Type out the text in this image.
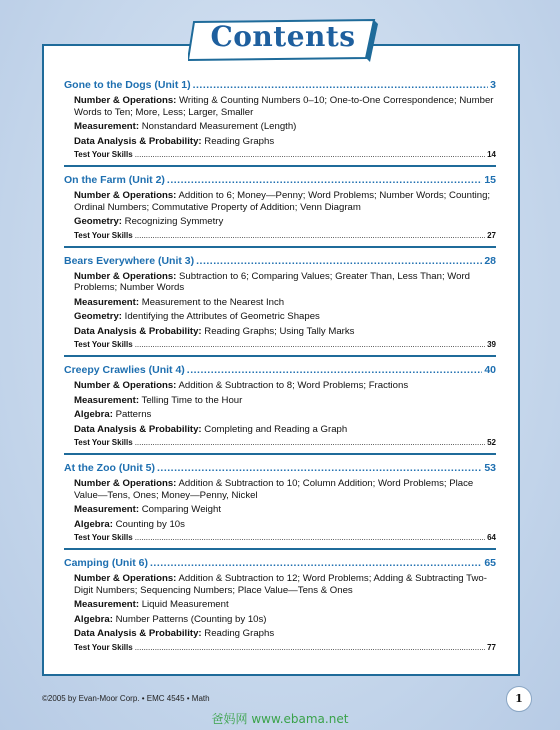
Contents
Gone to the Dogs (Unit 1) .....	3
Number & Operations: Writing & Counting Numbers 0–10; One-to-One Correspondence; Number Words to Ten; More, Less; Larger, Smaller
Measurement: Nonstandard Measurement (Length)
Data Analysis & Probability: Reading Graphs
Test Your Skills .....	14
On the Farm (Unit 2) .....	15
Number & Operations: Addition to 6; Money—Penny; Word Problems; Number Words; Counting; Ordinal Numbers; Commutative Property of Addition; Venn Diagram
Geometry: Recognizing Symmetry
Test Your Skills .....	27
Bears Everywhere (Unit 3) .....	28
Number & Operations: Subtraction to 6; Comparing Values; Greater Than, Less Than; Word Problems; Number Words
Measurement: Measurement to the Nearest Inch
Geometry: Identifying the Attributes of Geometric Shapes
Data Analysis & Probability: Reading Graphs; Using Tally Marks
Test Your Skills .....	39
Creepy Crawlies (Unit 4) .....	40
Number & Operations: Addition & Subtraction to 8; Word Problems; Fractions
Measurement: Telling Time to the Hour
Algebra: Patterns
Data Analysis & Probability: Completing and Reading a Graph
Test Your Skills .....	52
At the Zoo (Unit 5) .....	53
Number & Operations: Addition & Subtraction to 10; Column Addition; Word Problems; Place Value—Tens, Ones; Money—Penny, Nickel
Measurement: Comparing Weight
Algebra: Counting by 10s
Test Your Skills .....	64
Camping (Unit 6) .....	65
Number & Operations: Addition & Subtraction to 12; Word Problems; Adding & Subtracting Two-Digit Numbers; Sequencing Numbers; Place Value—Tens & Ones
Measurement: Liquid Measurement
Algebra: Number Patterns (Counting by 10s)
Data Analysis & Probability: Reading Graphs
Test Your Skills .....	77
©2005 by Evan-Moor Corp. • EMC 4545 • Math	1
爸妈网 www.ebama.net
